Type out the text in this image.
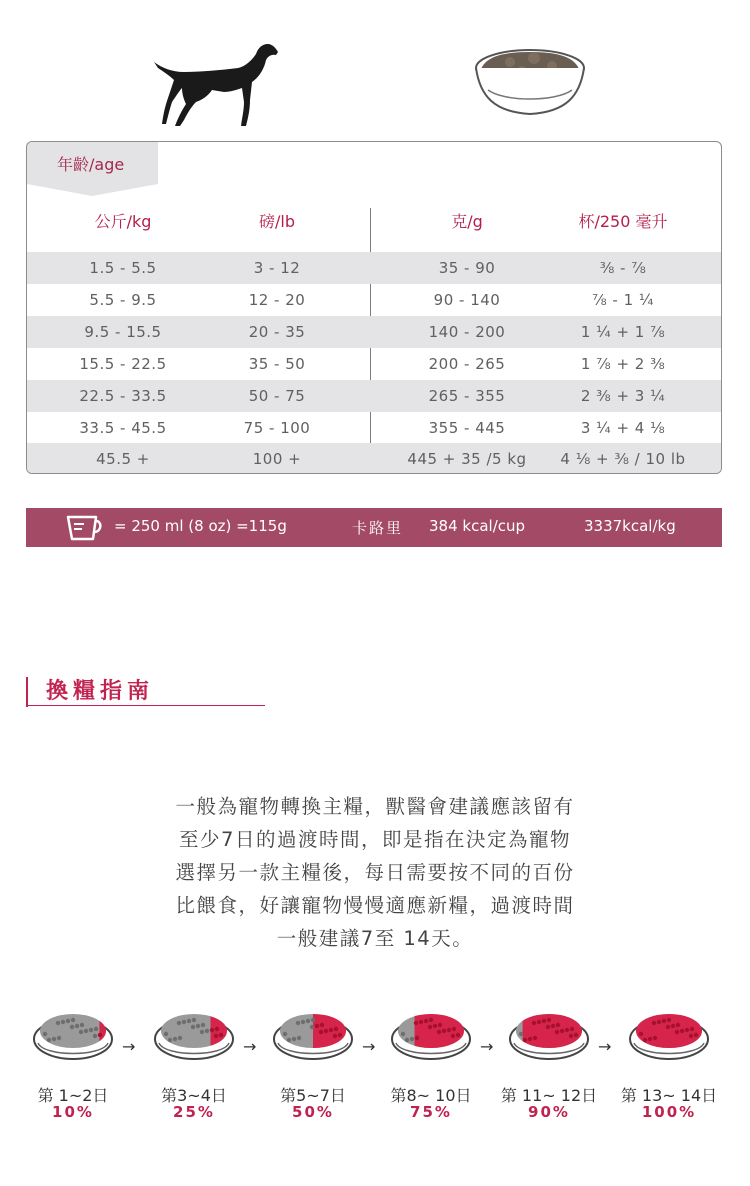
年齡/age
公斤/kg	磅/lb	克/g	杯/250 毫升
1.5 - 5.5	3 - 12	35 - 90	⅜ - ⅞
5.5 - 9.5	12 - 20	90 - 140	⅞ - 1 ¼
9.5 - 15.5	20 - 35	140 - 200	1 ¼ + 1 ⅞
15.5 - 22.5	35 - 50	200 - 265	1 ⅞ + 2 ⅜
22.5 - 33.5	50 - 75	265 - 355	2 ⅜ + 3 ¼
33.5 - 45.5	75 - 100	355 - 445	3 ¼ + 4 ⅛
45.5 +	100 +	445 + 35 /5 kg	4 ⅛ + ⅜ / 10 lb
= 250 ml (8 oz) =115g	卡路里 384 kcal/cup	3337kcal/kg
換糧指南
一般為寵物轉換主糧，獸醫會建議應該留有
至少7日的過渡時間，即是指在決定為寵物
選擇另一款主糧後，每日需要按不同的百份
比餵食，好讓寵物慢慢適應新糧，過渡時間
一般建議7至 14天。
→
第 1~2日
10%
→
第3~4日
25%
→
第5~7日
50%
→
第8~ 10日
75%
→
第 11~ 12日
90%
第 13~ 14日
100%
